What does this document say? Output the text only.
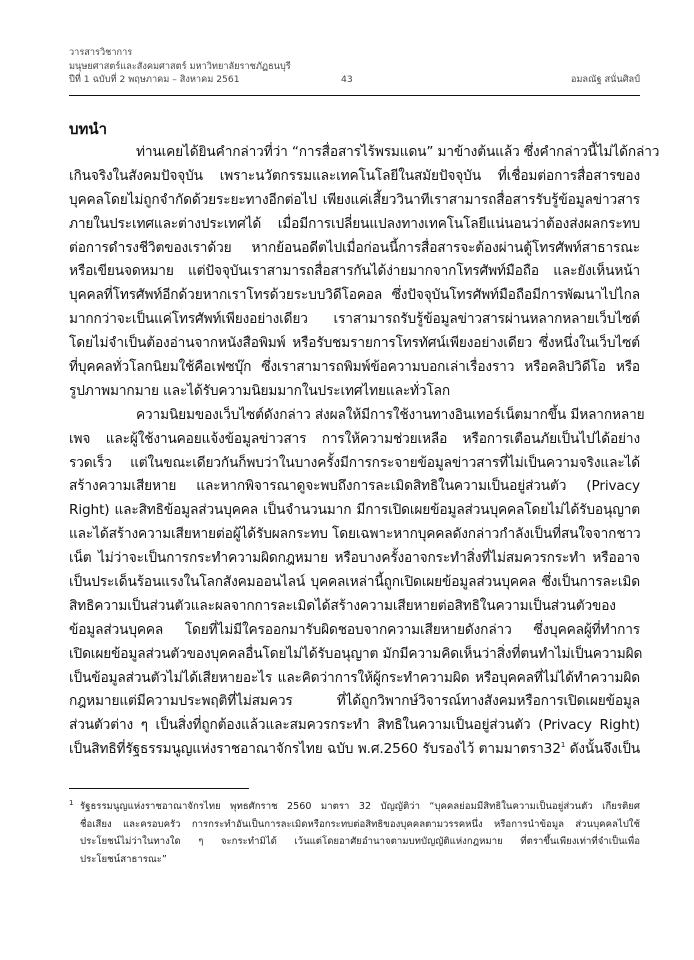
วารสารวิชาการ
มนุษยศาสตร์และสังคมศาสตร์ มหาวิทยาลัยราชภัฏธนบุรี
ปีที่ 1 ฉบับที่ 2 พฤษภาคม – สิงหาคม 2561	43	อมลณัฐ สนั่นศิลป์
บทนำ
ท่านเคยได้ยินคำกล่าวที่ว่า “การสื่อสารไร้พรมแดน” มาข้างต้นแล้ว ซึ่งคำกล่าวนี้ไม่ได้กล่าว
เกินจริงในสังคมปัจจุบัน เพราะนวัตกรรมและเทคโนโลยีในสมัยปัจจุบัน ที่เชื่อมต่อการสื่อสารของ
บุคคลโดยไม่ถูกจำกัดด้วยระยะทางอีกต่อไป เพียงแค่เสี้ยววินาทีเราสามารถสื่อสารรับรู้ข้อมูลข่าวสาร
ภายในประเทศและต่างประเทศได้ เมื่อมีการเปลี่ยนแปลงทางเทคโนโลยีแน่นอนว่าต้องส่งผลกระทบ
ต่อการดำรงชีวิตของเราด้วย หากย้อนอดีตไปเมื่อก่อนนี้การสื่อสารจะต้องผ่านตู้โทรศัพท์สาธารณะ
หรือเขียนจดหมาย แต่ปัจจุบันเราสามารถสื่อสารกันได้ง่ายมากจากโทรศัพท์มือถือ และยังเห็นหน้า
บุคคลที่โทรศัพท์อีกด้วยหากเราโทรด้วยระบบวิดีโอคอล ซึ่งปัจจุบันโทรศัพท์มือถือมีการพัฒนาไปไกล
มากกว่าจะเป็นแค่โทรศัพท์เพียงอย่างเดียว เราสามารถรับรู้ข้อมูลข่าวสารผ่านหลากหลายเว็บไซต์
โดยไม่จำเป็นต้องอ่านจากหนังสือพิมพ์ หรือรับชมรายการโทรทัศน์เพียงอย่างเดียว ซึ่งหนึ่งในเว็บไซต์
ที่บุคคลทั่วโลกนิยมใช้คือเฟซบุ๊ก ซึ่งเราสามารถพิมพ์ข้อความบอกเล่าเรื่องราว หรือคลิปวิดีโอ หรือ
รูปภาพมากมาย และได้รับความนิยมมากในประเทศไทยและทั่วโลก
ความนิยมของเว็บไซต์ดังกล่าว ส่งผลให้มีการใช้งานทางอินเทอร์เน็ตมากขึ้น มีหลากหลาย
เพจ และผู้ใช้งานคอยแจ้งข้อมูลข่าวสาร การให้ความช่วยเหลือ หรือการเตือนภัยเป็นไปได้อย่าง
รวดเร็ว แต่ในขณะเดียวกันก็พบว่าในบางครั้งมีการกระจายข้อมูลข่าวสารที่ไม่เป็นความจริงและได้
สร้างความเสียหาย และหากพิจารณาดูจะพบถึงการละเมิดสิทธิในความเป็นอยู่ส่วนตัว (Privacy
Right) และสิทธิข้อมูลส่วนบุคคล เป็นจำนวนมาก มีการเปิดเผยข้อมูลส่วนบุคคลโดยไม่ได้รับอนุญาต
และได้สร้างความเสียหายต่อผู้ได้รับผลกระทบ โดยเฉพาะหากบุคคลดังกล่าวกำลังเป็นที่สนใจจากชาว
เน็ต ไม่ว่าจะเป็นการกระทำความผิดกฎหมาย หรือบางครั้งอาจกระทำสิ่งที่ไม่สมควรกระทำ หรืออาจ
เป็นประเด็นร้อนแรงในโลกสังคมออนไลน์ บุคคลเหล่านี้ถูกเปิดเผยข้อมูลส่วนบุคคล ซึ่งเป็นการละเมิด
สิทธิความเป็นส่วนตัวและผลจากการละเมิดได้สร้างความเสียหายต่อสิทธิในความเป็นส่วนตัวของ
ข้อมูลส่วนบุคคล โดยที่ไม่มีใครออกมารับผิดชอบจากความเสียหายดังกล่าว ซึ่งบุคคลผู้ที่ทำการ
เปิดเผยข้อมูลส่วนตัวของบุคคลอื่นโดยไม่ได้รับอนุญาต มักมีความคิดเห็นว่าสิ่งที่ตนทำไม่เป็นความผิด
เป็นข้อมูลส่วนตัวไม่ได้เสียหายอะไร และคิดว่าการให้ผู้กระทำความผิด หรือบุคคลที่ไม่ได้ทำความผิด
กฎหมายแต่มีความประพฤติที่ไม่สมควร ที่ได้ถูกวิพากษ์วิจารณ์ทางสังคมหรือการเปิดเผยข้อมูล
ส่วนตัวต่าง ๆ เป็นสิ่งที่ถูกต้องแล้วและสมควรกระทำ สิทธิในความเป็นอยู่ส่วนตัว (Privacy Right)
เป็นสิทธิที่รัฐธรรมนูญแห่งราชอาณาจักรไทย ฉบับ พ.ศ.2560 รับรองไว้ ตามมาตรา32$^1$ ดังนั้นจึงเป็น
1 รัฐธรรมนูญแห่งราชอาณาจักรไทย พุทธศักราช 2560 มาตรา 32 บัญญัติว่า “บุคคลย่อมมีสิทธิในความเป็นอยู่ส่วนตัว เกียรติยศ
ชื่อเสียง และครอบครัว การกระทำอันเป็นการละเมิดหรือกระทบต่อสิทธิของบุคคลตามวรรคหนึ่ง หรือการนำข้อมูล ส่วนบุคคลไปใช้
ประโยชน์ไม่ว่าในทางใด ๆ จะกระทำมิได้ เว้นแต่โดยอาศัยอำนาจตามบทบัญญัติแห่งกฎหมาย ที่ตราขึ้นเพียงเท่าที่จำเป็นเพื่อ
ประโยชน์สาธารณะ”
